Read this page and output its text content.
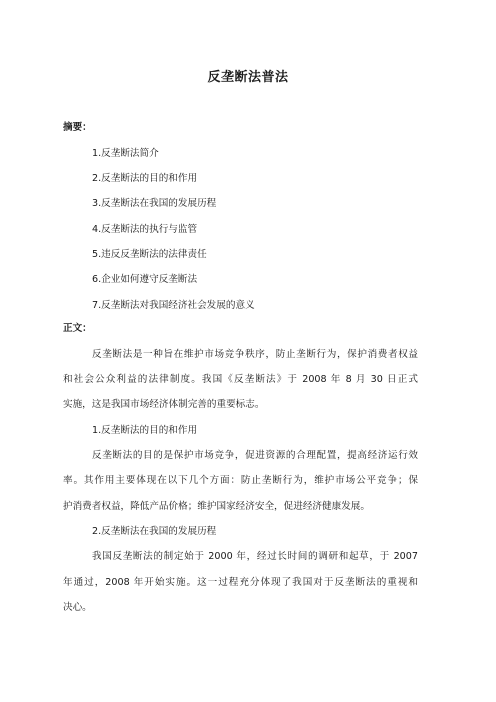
反垄断法普法
摘要：
1.反垄断法简介
2.反垄断法的目的和作用
3.反垄断法在我国的发展历程
4.反垄断法的执行与监管
5.违反反垄断法的法律责任
6.企业如何遵守反垄断法
7.反垄断法对我国经济社会发展的意义
正文：
反垄断法是一种旨在维护市场竞争秩序，防止垄断行为，保护消费者权益
和社会公众利益的法律制度。我国《反垄断法》于 2008 年 8 月 30 日正式
实施，这是我国市场经济体制完善的重要标志。
1.反垄断法的目的和作用
反垄断法的目的是保护市场竞争，促进资源的合理配置，提高经济运行效
率。其作用主要体现在以下几个方面：防止垄断行为，维护市场公平竞争；保
护消费者权益，降低产品价格；维护国家经济安全，促进经济健康发展。
2.反垄断法在我国的发展历程
我国反垄断法的制定始于 2000 年，经过长时间的调研和起草，于 2007
年通过，2008 年开始实施。这一过程充分体现了我国对于反垄断法的重视和
决心。
